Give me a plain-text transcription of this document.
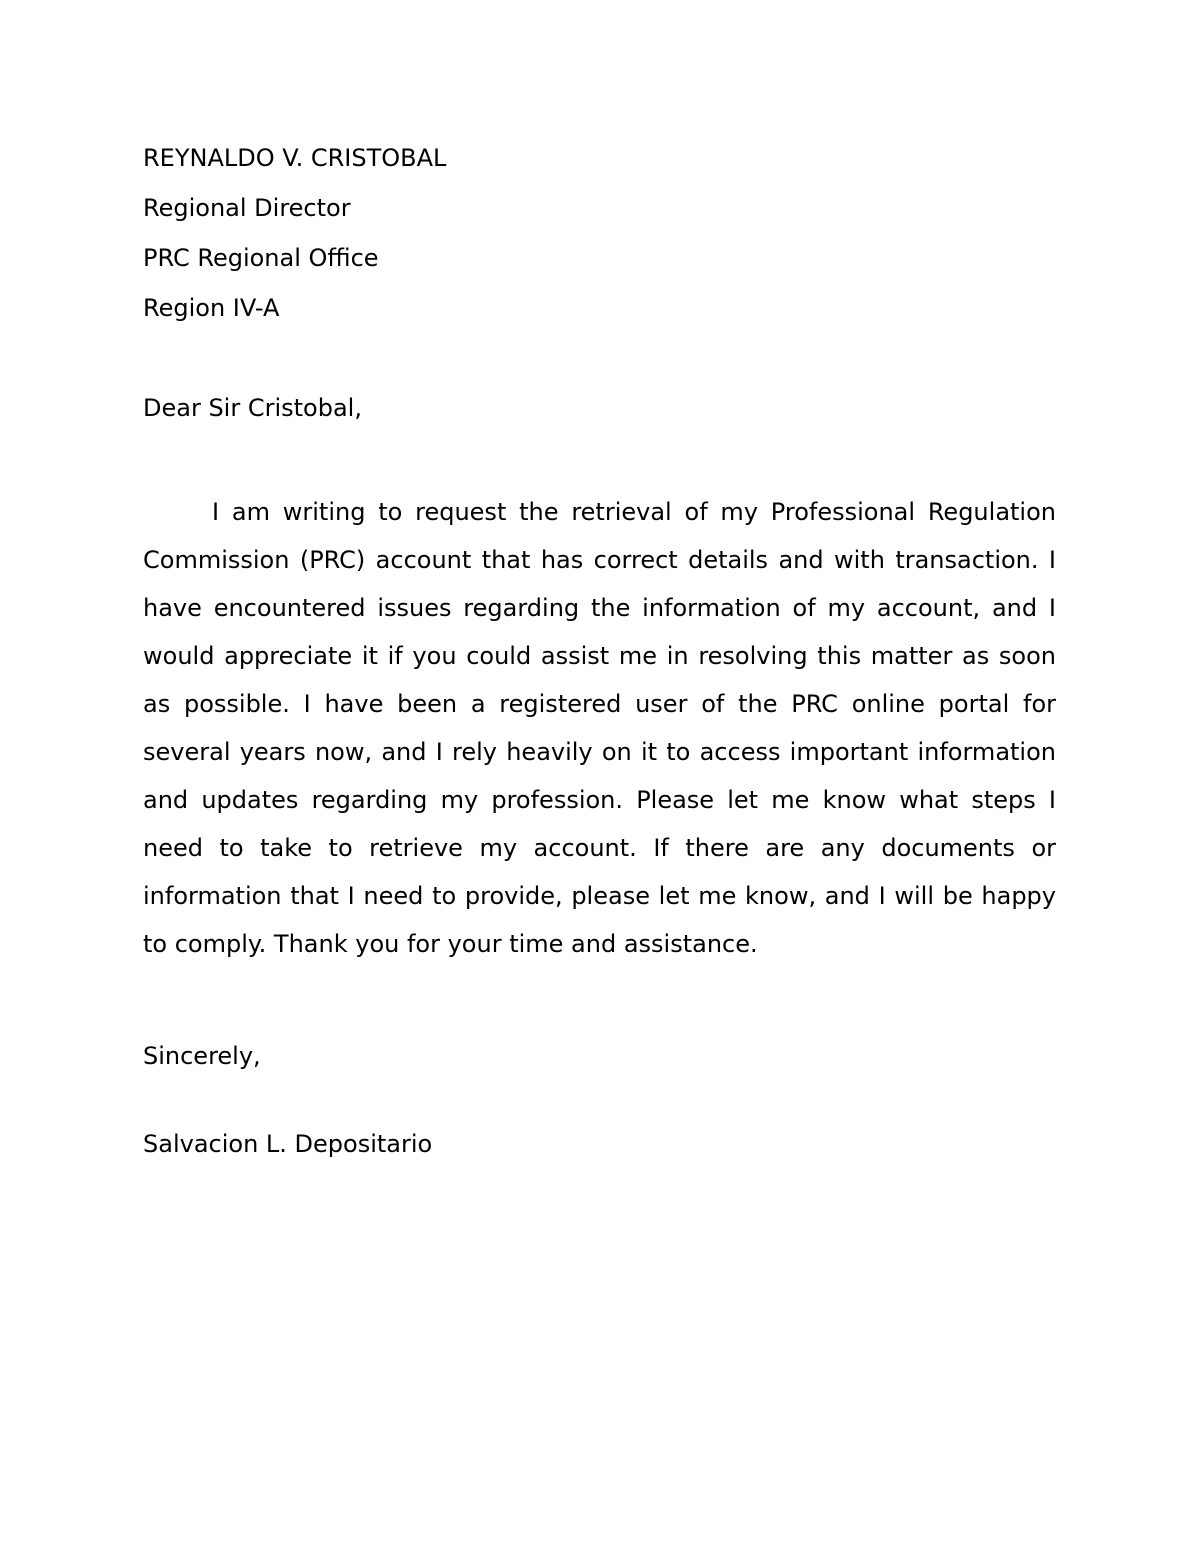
REYNALDO V. CRISTOBAL
Regional Director
PRC Regional Office
Region IV-A
Dear Sir Cristobal,

I am writing to request the retrieval of my Professional Regulation Commission (PRC) account that has correct details and with transaction. I have encountered issues regarding the information of my account, and I would appreciate it if you could assist me in resolving this matter as soon as possible. I have been a registered user of the PRC online portal for several years now, and I rely heavily on it to access important information and updates regarding my profession. Please let me know what steps I need to take to retrieve my account. If there are any documents or information that I need to provide, please let me know, and I will be happy to comply. Thank you for your time and assistance.

Sincerely,

Salvacion L. Depositario
